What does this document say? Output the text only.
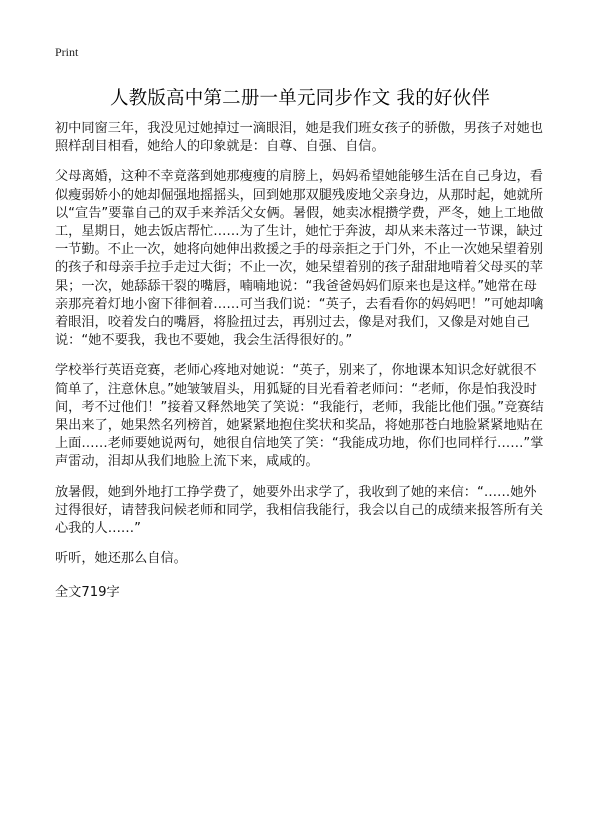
Print
人教版高中第二册一单元同步作文 我的好伙伴

初中同窗三年，我没见过她掉过一滴眼泪，她是我们班女孩子的骄傲，男孩子对她也照样刮目相看，她给人的印象就是：自尊、自强、自信。

父母离婚，这种不幸竟落到她那瘦瘦的肩膀上，妈妈希望她能够生活在自己身边，看似瘦弱娇小的她却倔强地摇摇头，回到她那双腿残废地父亲身边，从那时起，她就所以“宣告”要靠自己的双手来养活父女俩。暑假，她卖冰棍攒学费，严冬，她上工地做工，星期日，她去饭店帮忙……为了生计，她忙于奔波，却从来未落过一节课，缺过一节勤。不止一次，她将向她伸出救援之手的母亲拒之于门外，不止一次她呆望着别的孩子和母亲手拉手走过大街；不止一次，她呆望着别的孩子甜甜地啃着父母买的苹果；一次，她舔舔干裂的嘴唇，喃喃地说：“我爸爸妈妈们原来也是这样。”她常在母亲那亮着灯地小窗下徘徊着……可当我们说：“英子，去看看你的妈妈吧！”可她却噙着眼泪，咬着发白的嘴唇，将脸扭过去，再别过去，像是对我们，又像是对她自己说：“她不要我，我也不要她，我会生活得很好的。”

学校举行英语竞赛，老师心疼地对她说：“英子，别来了，你地课本知识念好就很不简单了，注意休息。”她皱皱眉头，用狐疑的目光看着老师问：“老师，你是怕我没时间，考不过他们！”接着又释然地笑了笑说：“我能行，老师，我能比他们强。”竞赛结果出来了，她果然名列榜首，她紧紧地抱住奖状和奖品，将她那苍白地脸紧紧地贴在上面……老师要她说两句，她很自信地笑了笑：“我能成功地，你们也同样行……”掌声雷动，泪却从我们地脸上流下来，咸咸的。

放暑假，她到外地打工挣学费了，她要外出求学了，我收到了她的来信：“……她外过得很好，请替我问候老师和同学，我相信我能行，我会以自己的成绩来报答所有关心我的人……”

听听，她还那么自信。

全文719字
